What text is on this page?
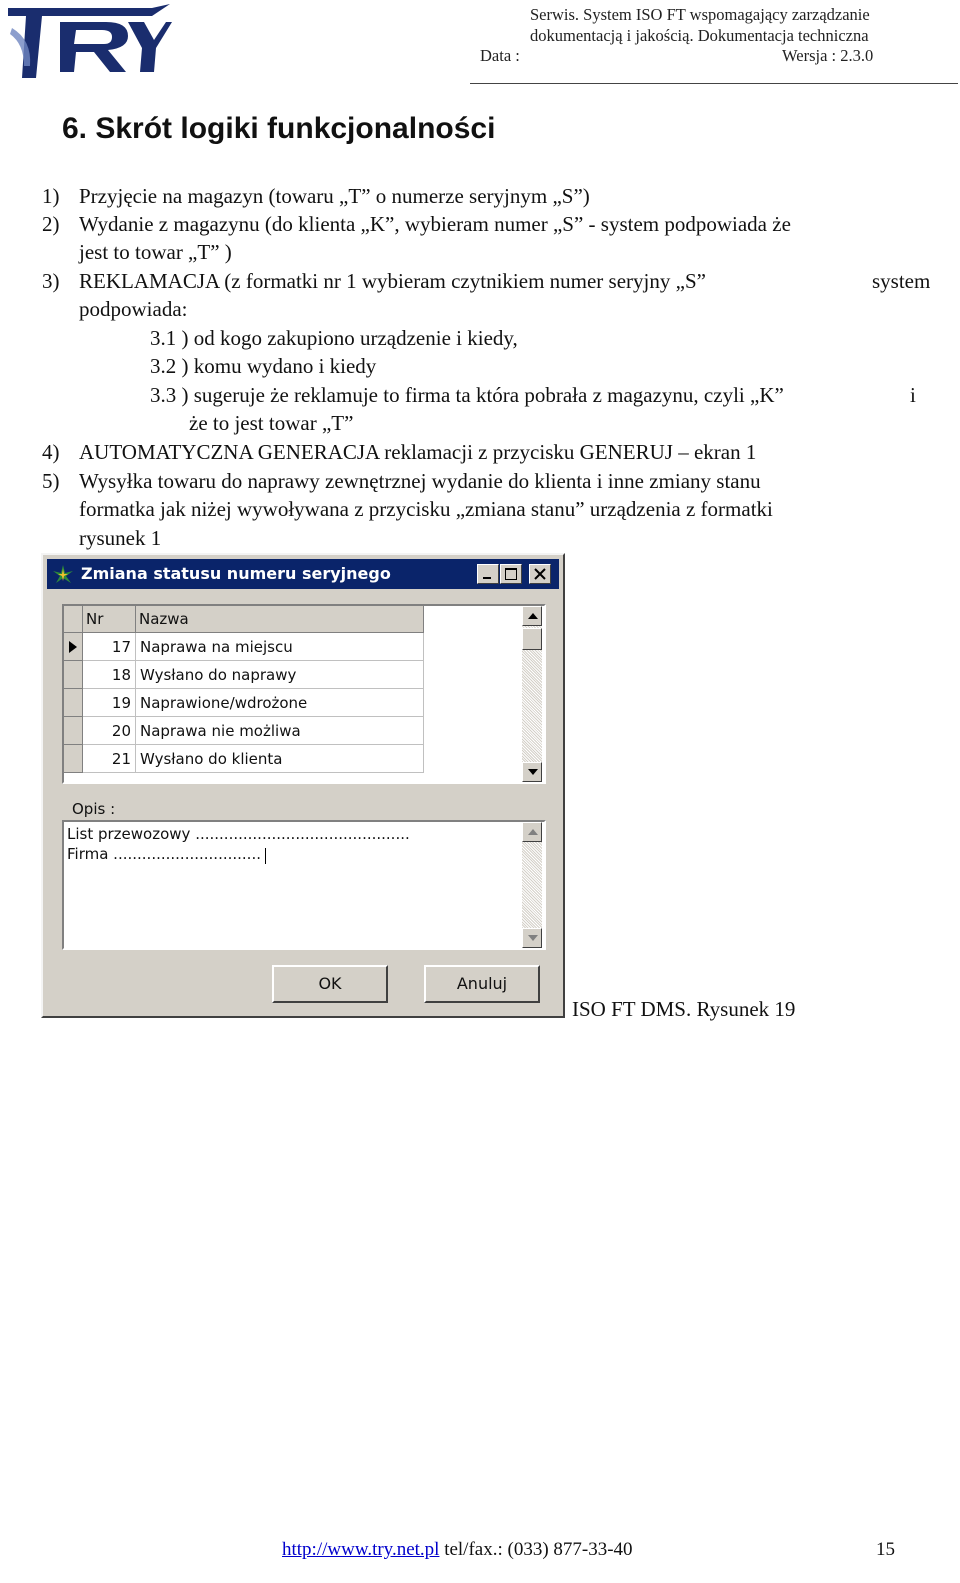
Serwis. System ISO FT wspomagający zarządzanie
dokumentacją i jakością. Dokumentacja techniczna
Data :	Wersja : 2.3.0
6. Skrót logiki funkcjonalności
1) Przyjęcie na magazyn (towaru „T” o numerze seryjnym „S”)
2) Wydanie z magazynu (do klienta „K”, wybieram numer „S” - system podpowiada że
jest to towar „T” )
3) REKLAMACJA (z formatki nr 1 wybieram czytnikiem numer seryjny „S”	system
podpowiada:
3.1 ) od kogo zakupiono urządzenie i kiedy,
3.2 ) komu wydano i kiedy
3.3 ) sugeruje że reklamuje to firma ta która pobrała z magazynu, czyli „K”	i
że to jest towar „T”
4) AUTOMATYCZNA GENERACJA reklamacji z przycisku GENERUJ – ekran 1
5) Wysyłka towaru do naprawy zewnętrznej wydanie do klienta i inne zmiany stanu
formatka jak niżej wywoływana z przycisku „zmiana stanu” urządzenia z formatki
rysunek 1
Zmiana statusu numeru seryjnego
Nr	Nazwa
17 Naprawa na miejscu
18 Wysłano do naprawy
19 Naprawione/wdrożone
20 Naprawa nie możliwa
21 Wysłano do klienta
Opis :
List przewozowy .............................................
Firma ...............................
OK	Anuluj
ISO FT DMS. Rysunek 19
http://www.try.net.pl tel/fax.: (033) 877-33-40	15
